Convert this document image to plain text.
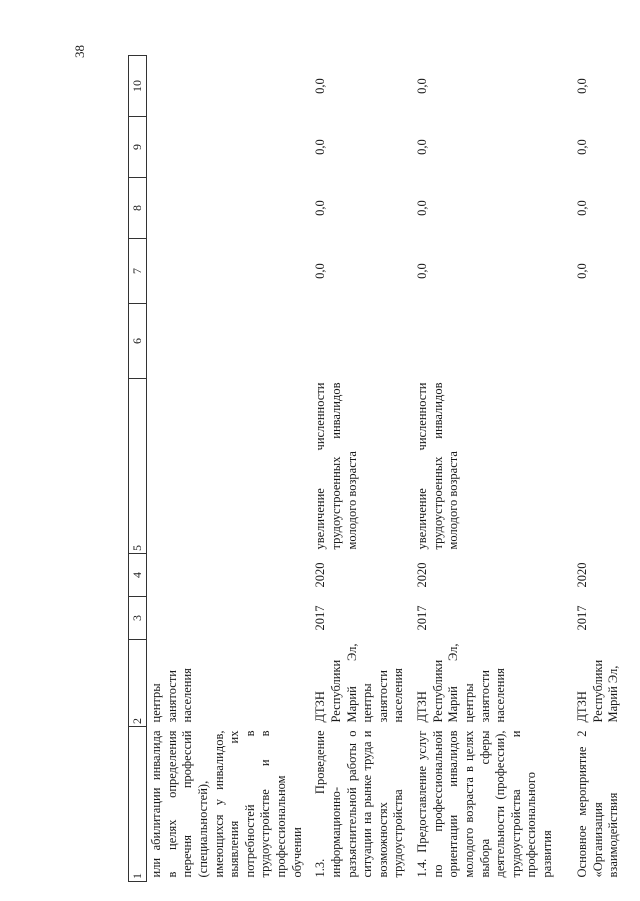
38
1	2	3	4	5	6	7	8	9	10
или абилитации инвалида в целях определения перечня профессий (специальностей), имеющихся у инвалидов, выявления их потребностей в трудоустройстве и в профессиональном обучении	центры занятости населения								
1.3. Проведение информационно-разъяснительной работы о ситуации на рынке труда и возможностях трудоустройства	ДТЗН Республики Марий Эл, центры занятости населения	2017	2020	увеличение численности трудоустроенных инвалидов молодого возраста		0,0	0,0	0,0	0,0
1.4. Предоставление услуг по профессиональной ориентации инвалидов молодого возраста в целях выбора сферы деятельности (профессии), трудоустройства и профессионального развития	ДТЗН Республики Марий Эл, центры занятости населения	2017	2020	увеличение численности трудоустроенных инвалидов молодого возраста		0,0	0,0	0,0	0,0
Основное мероприятие 2 «Организация взаимодействия	ДТЗН Республики Марий Эл,	2017	2020			0,0	0,0	0,0	0,0
